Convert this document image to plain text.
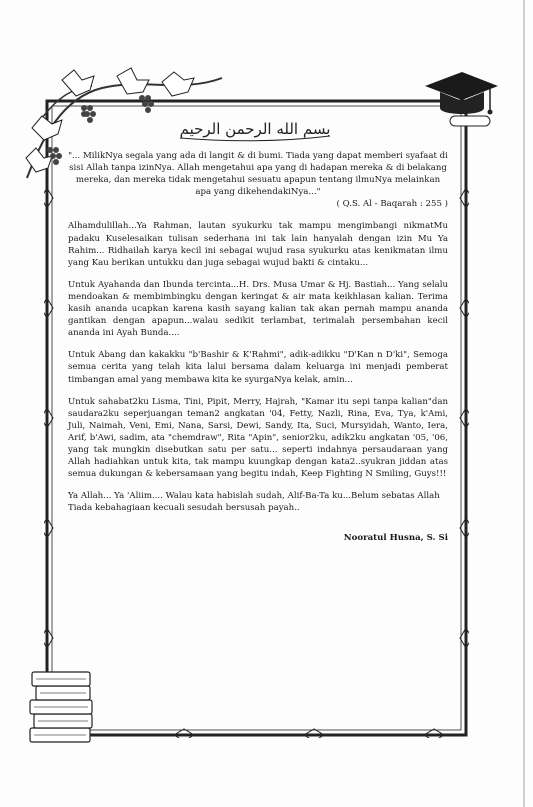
بسم الله الرحمن الرحيم

"... MilikNya segala yang ada di langit & di bumi. Tiada yang dapat memberi syafaat di sisi Allah tanpa izinNya. Allah mengetahui apa yang di hadapan mereka & di belakang mereka, dan mereka tidak mengetahui sesuatu apapun tentang ilmuNya melainkan apa yang dikehendakiNya..."

( Q.S. Al - Baqarah : 255 )

Alhamdulillah...Ya Rahman, lautan syukurku tak mampu mengimbangi nikmatMu padaku Kuselesaikan tulisan sederhana ini tak lain hanyalah dengan izin Mu Ya Rahim... Ridhailah karya kecil ini sebagai wujud rasa syukurku atas kenikmatan ilmu yang Kau berikan untukku dan juga sebagai wujud bakti & cintaku...

Untuk Ayahanda dan Ibunda tercinta...H. Drs. Musa Umar & Hj. Bastiah... Yang selalu mendoakan & membimbingku dengan keringat & air mata keikhlasan kalian. Terima kasih ananda ucapkan karena kasih sayang kalian tak akan pernah mampu ananda gantikan dengan apapun...walau sedikit terlambat, terimalah persembahan kecil ananda ini Ayah Bunda....

Untuk Abang dan kakakku "b'Bashir & K'Rahmi", adik-adikku "D'Kan n D'ki", Semoga semua cerita yang telah kita lalui bersama dalam keluarga ini menjadi pemberat timbangan amal yang membawa kita ke syurgaNya kelak, amin...

Untuk sahabat2ku Lisma, Tini, Pipit, Merry, Hajrah, "Kamar itu sepi tanpa kalian"dan saudara2ku seperjuangan teman2 angkatan '04, Fetty, Nazli, Rina, Eva, Tya, k'Ami, Juli, Naimah, Veni, Emi, Nana, Sarsi, Dewi, Sandy, Ita, Suci, Mursyidah, Wanto, Iera, Arif, b'Awi, sadim, ata "chemdraw", Rita "Apin", senior2ku, adik2ku angkatan '05, '06, yang tak mungkin disebutkan satu per satu... seperti indahnya persaudaraan yang Allah hadiahkan untuk kita, tak mampu kuungkap dengan kata2..syukran jiddan atas semua dukungan & kebersamaan yang begitu indah, Keep Fighting N Smiling, Guys!!!

Ya Allah... Ya 'Aliim.... Walau kata habislah sudah, Alif-Ba-Ta ku...Belum sebatas Allah Tiada kebahagiaan kecuali sesudah bersusah payah..

Nooratul Husna, S. Si
